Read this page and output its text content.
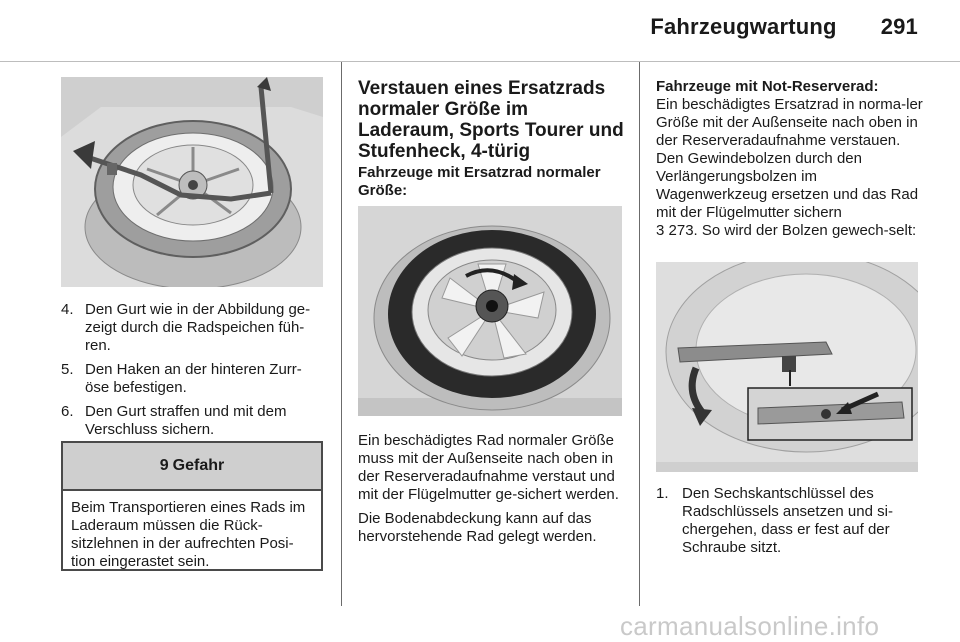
Fahrzeugwartung 291
4. Den Gurt wie in der Abbildung ge-zeigt durch die Radspeichen füh-ren.
5. Den Haken an der hinteren Zurr-öse befestigen.
6. Den Gurt straffen und mit dem Verschluss sichern.
9 Gefahr
Beim Transportieren eines Rads im Laderaum müssen die Rück-sitzlehnen in der aufrechten Posi-tion eingerastet sein.
Verstauen eines Ersatzrads normaler Größe im Laderaum, Sports Tourer und Stufenheck, 4-türig
Fahrzeuge mit Ersatzrad normaler Größe:

Ein beschädigtes Rad normaler Größe muss mit der Außenseite nach oben in der Reserveradaufnahme verstaut und mit der Flügelmutter ge-sichert werden.

Die Bodenabdeckung kann auf das hervorstehende Rad gelegt werden.

Fahrzeuge mit Not-Reserverad:

Ein beschädigtes Ersatzrad in norma-ler Größe mit der Außenseite nach oben in der Reserveradaufnahme verstauen. Den Gewindebolzen durch den Verlängerungsbolzen im Wagenwerkzeug ersetzen und das Rad mit der Flügelmutter sichern
3 273. So wird der Bolzen gewech-selt:

1. Den Sechskantschlüssel des Radschlüssels ansetzen und si-chergehen, dass er fest auf der Schraube sitzt.
carmanualsonline.info
